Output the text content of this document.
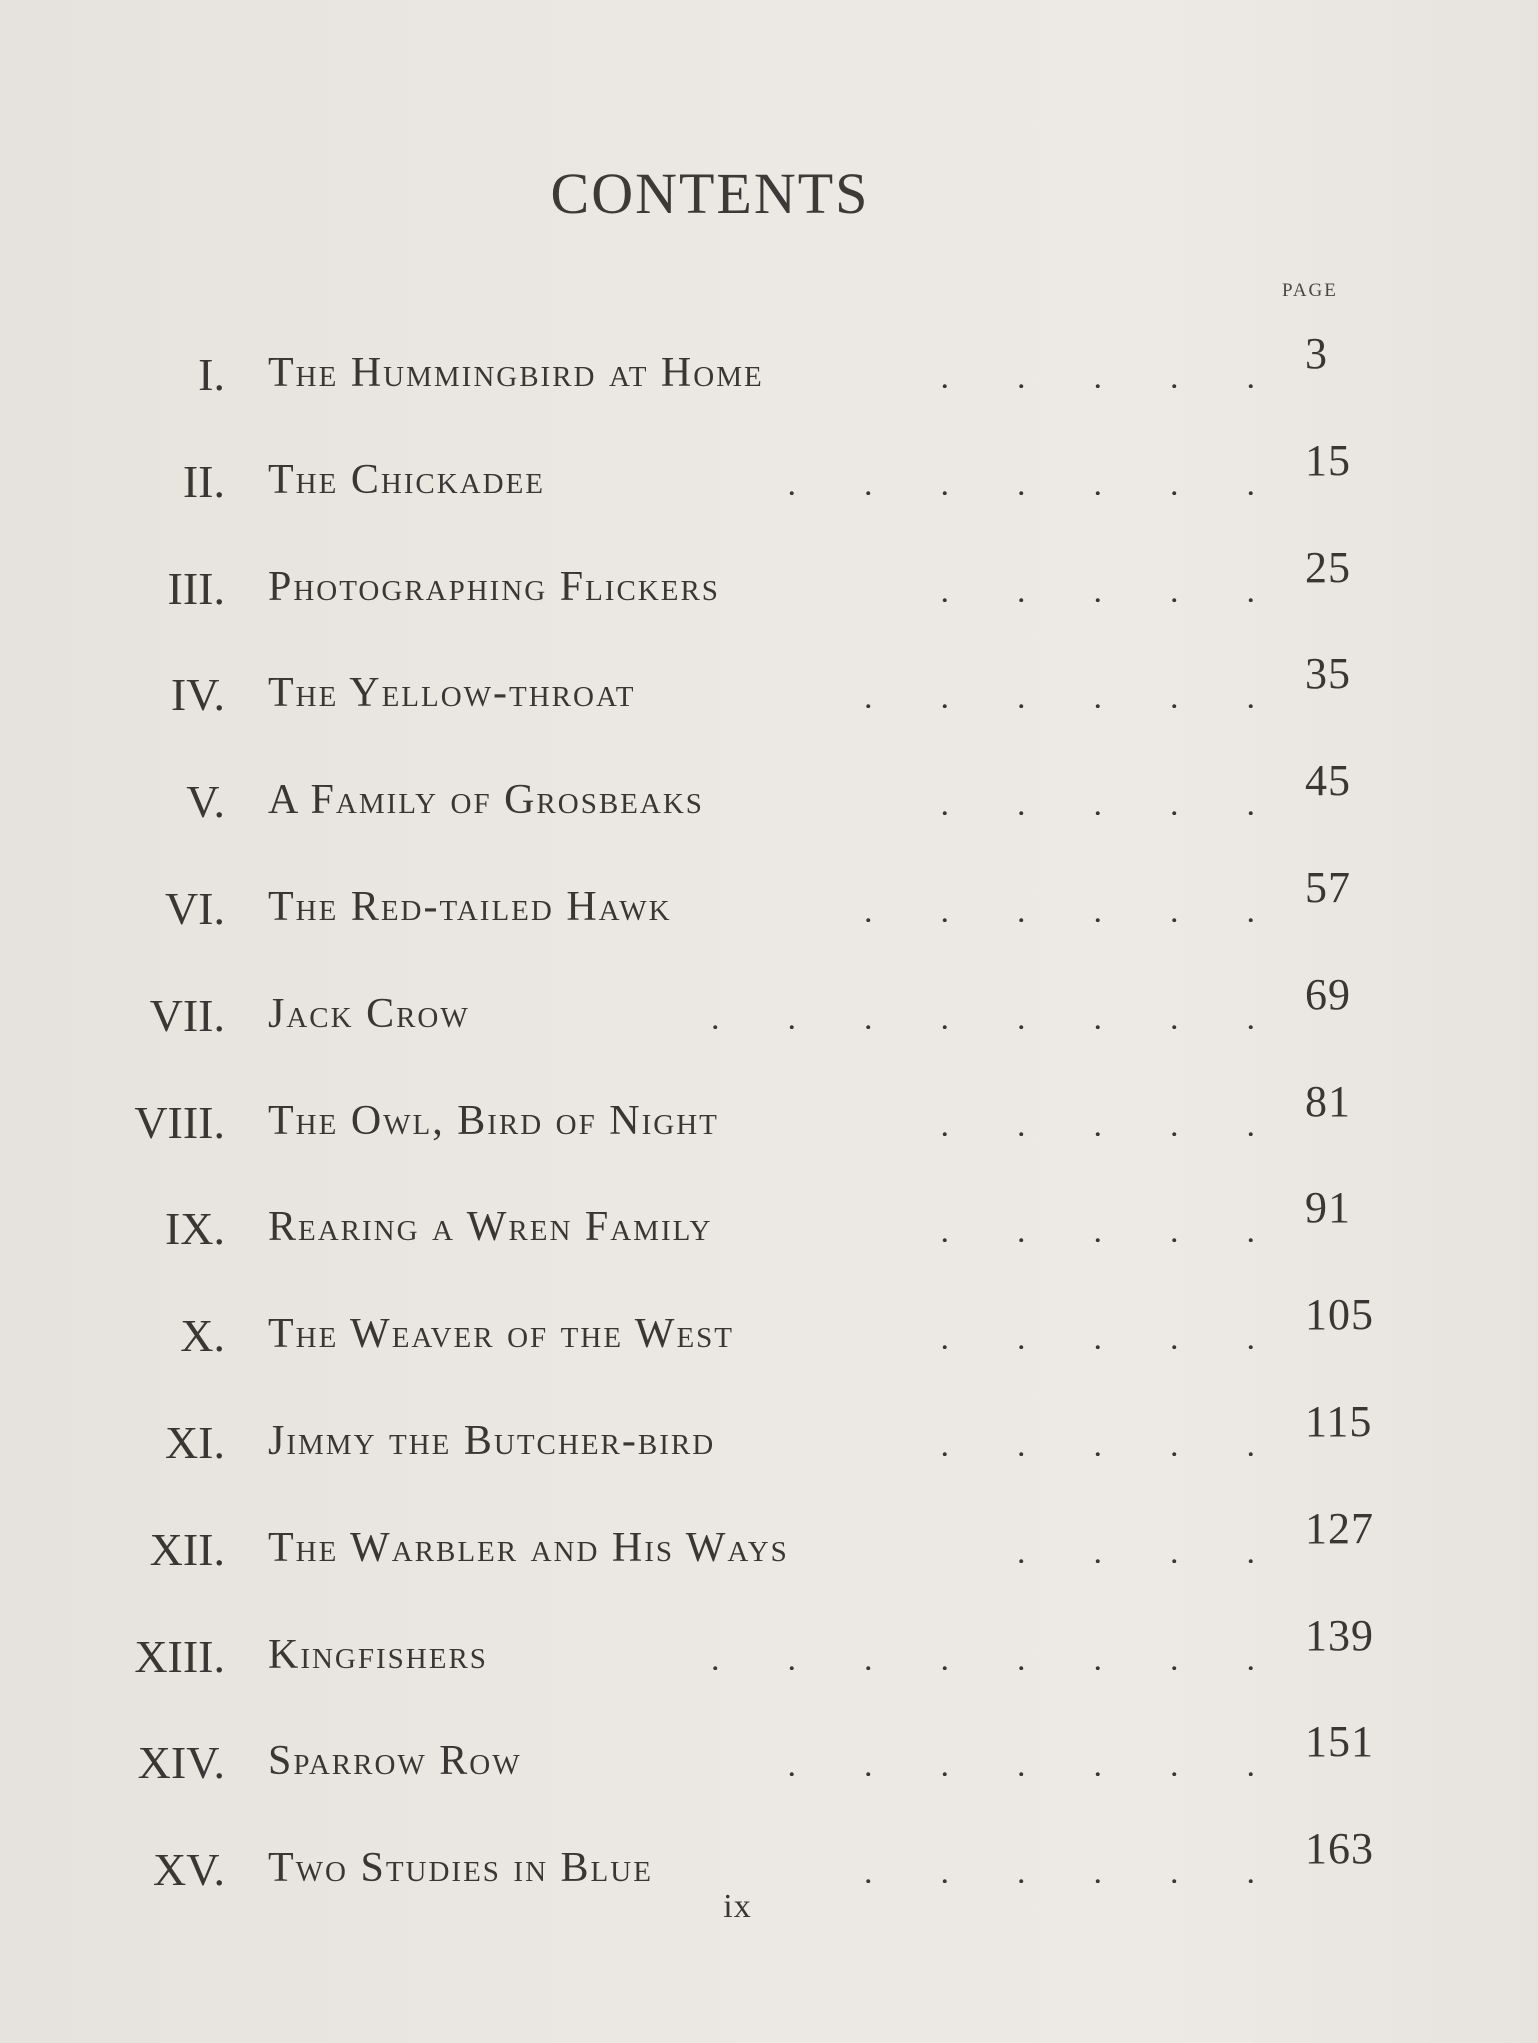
CONTENTS
PAGE
I. The Hummingbird at Home	.    .    .    .    . 3
II. The Chickadee	.    .    .    .    .    .    . 15
III. Photographing Flickers	.    .    .    .    . 25
IV. The Yellow-throat	.    .    .    .    .    . 35
V. A Family of Grosbeaks	.    .    .    .    . 45
VI. The Red-tailed Hawk	.    .    .    .    .    . 57
VII. Jack Crow	.    .    .    .    .    .    .    . 69
VIII. The Owl, Bird of Night	.    .    .    .    . 81
IX. Rearing a Wren Family	.    .    .    .    . 91
X. The Weaver of the West	.    .    .    .    . 105
XI. Jimmy the Butcher-bird	.    .    .    .    . 115
XII. The Warbler and His Ways	.    .    .    . 127
XIII. Kingfishers	.    .    .    .    .    .    .    . 139
XIV. Sparrow Row	.    .    .    .    .    .    . 151
XV. Two Studies in Blue	.    .    .    .    .    . 163
ix
